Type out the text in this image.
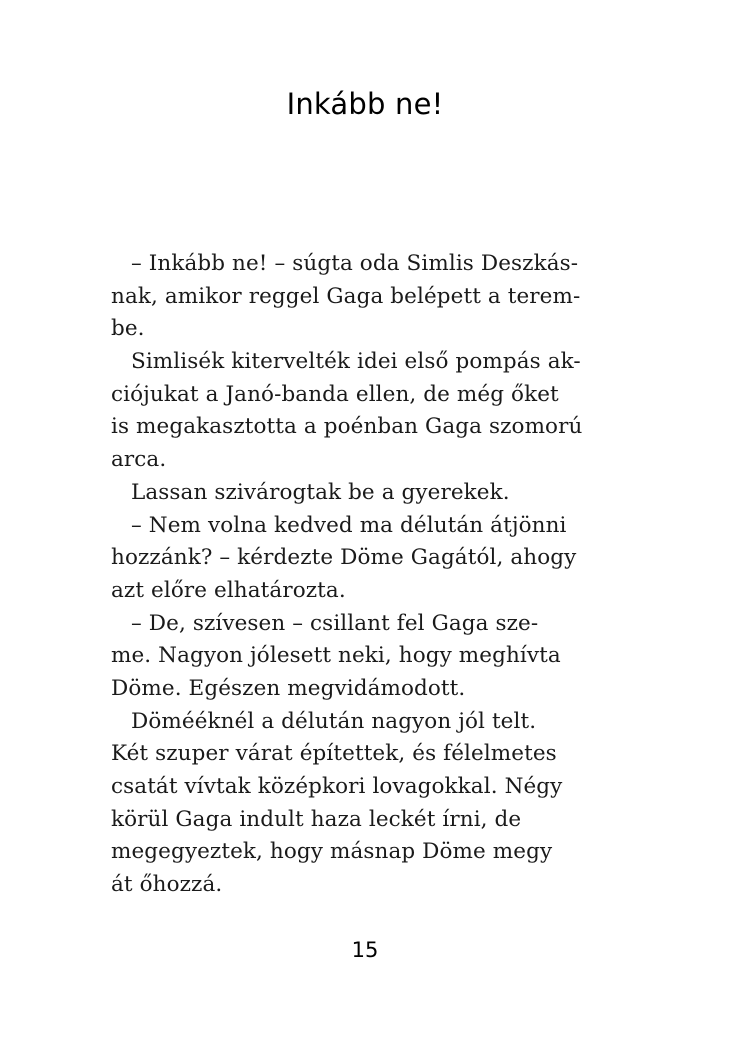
Inkább ne!
– Inkább ne! – súgta oda Simlis Deszkás-
nak, amikor reggel Gaga belépett a terem-
be.
Simlisék kitervelték idei első pompás ak-
ciójukat a Janó-banda ellen, de még őket
is megakasztotta a poénban Gaga szomorú
arca.
Lassan szivárogtak be a gyerekek.
– Nem volna kedved ma délután átjönni
hozzánk? – kérdezte Döme Gagától, ahogy
azt előre elhatározta.
– De, szívesen – csillant fel Gaga sze-
me. Nagyon jólesett neki, hogy meghívta
Döme. Egészen megvidámodott.
Dömééknél a délután nagyon jól telt.
Két szuper várat építettek, és félelmetes
csatát vívtak középkori lovagokkal. Négy
körül Gaga indult haza leckét írni, de
megegyeztek, hogy másnap Döme megy
át őhozzá.
15
